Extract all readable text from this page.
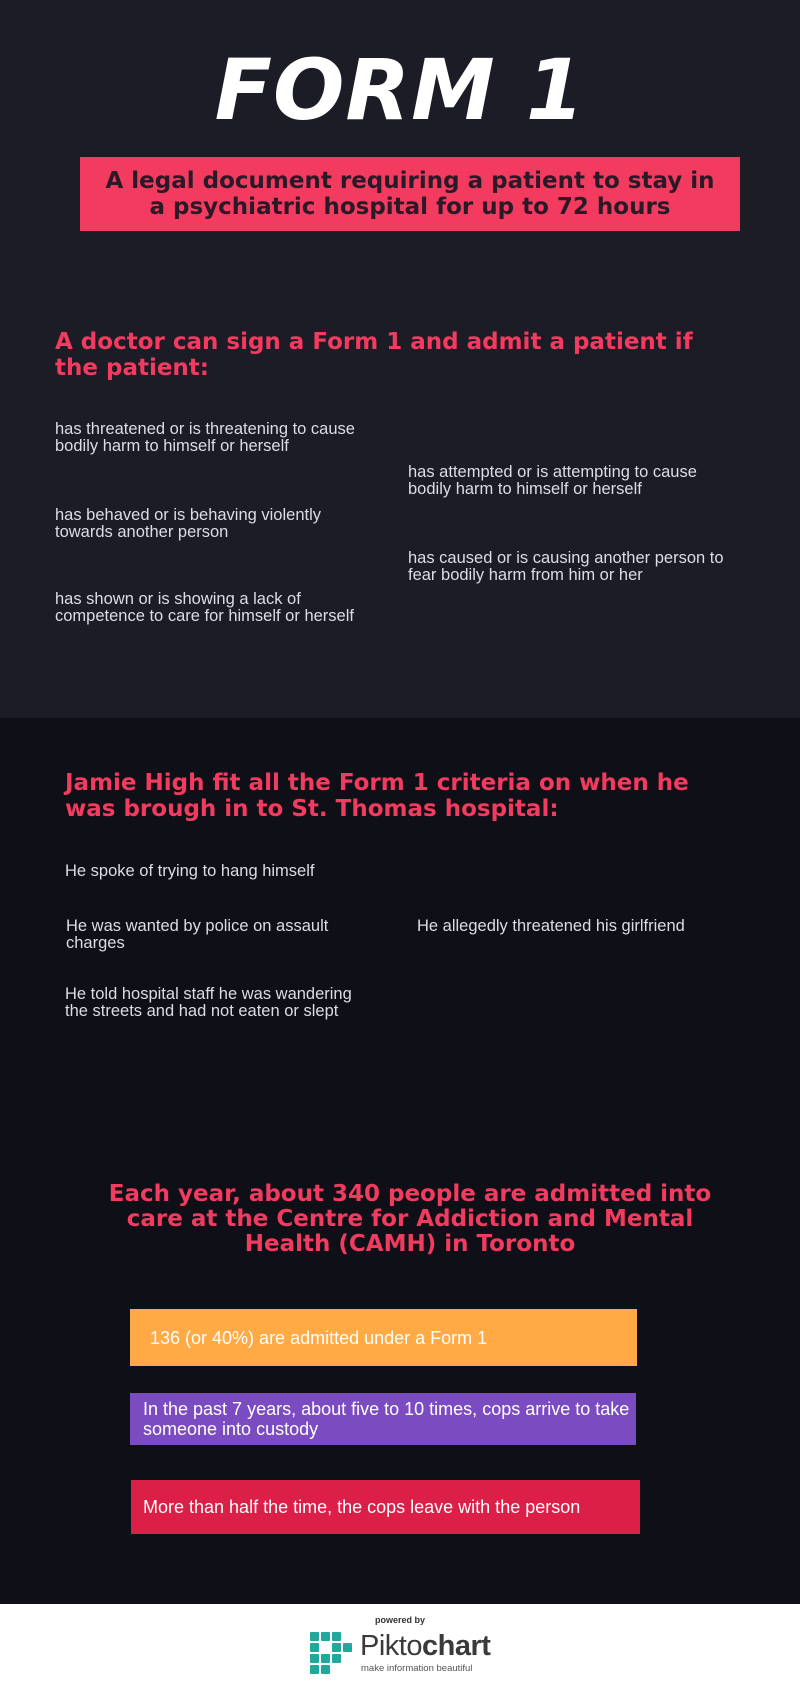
FORM 1
A legal document requiring a patient to stay in a psychiatric hospital for up to 72 hours
A doctor can sign a Form 1 and admit a patient if the patient:
has threatened or is threatening to cause bodily harm to himself or herself
has attempted or is attempting to cause bodily harm to himself or herself
has behaved or is behaving violently towards another person
has caused or is causing another person to fear bodily harm from him or her
has shown or is showing a lack of competence to care for himself or herself
Jamie High fit all the Form 1 criteria on when he was brough in to St. Thomas hospital:
He spoke of trying to hang himself
He was wanted by police on assault charges
He allegedly threatened his girlfriend
He told hospital staff he was wandering the streets and had not eaten or slept
Each year, about 340 people are admitted into care at the Centre for Addiction and Mental Health (CAMH) in Toronto
136 (or 40%) are admitted under a Form 1
In the past 7 years, about five to 10 times, cops arrive to take someone into custody
More than half the time, the cops leave with the person
powered by
Piktochart
make information beautiful
